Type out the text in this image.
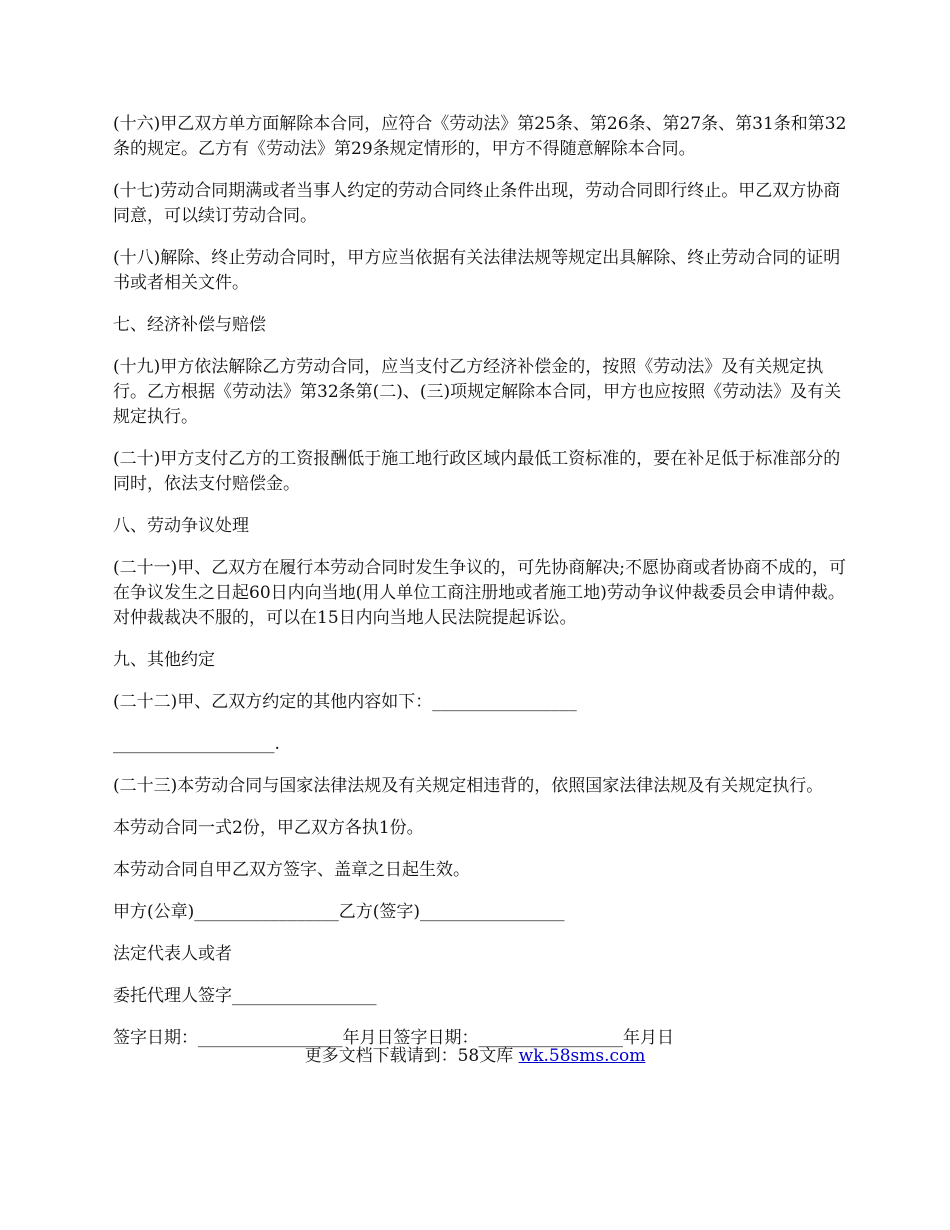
(十六)甲乙双方单方面解除本合同，应符合《劳动法》第25条、第26条、第27条、第31条和第32条的规定。乙方有《劳动法》第29条规定情形的，甲方不得随意解除本合同。

(十七)劳动合同期满或者当事人约定的劳动合同终止条件出现，劳动合同即行终止。甲乙双方协商同意，可以续订劳动合同。

(十八)解除、终止劳动合同时，甲方应当依据有关法律法规等规定出具解除、终止劳动合同的证明书或者相关文件。

七、经济补偿与赔偿

(十九)甲方依法解除乙方劳动合同，应当支付乙方经济补偿金的，按照《劳动法》及有关规定执行。乙方根据《劳动法》第32条第(二)、(三)项规定解除本合同，甲方也应按照《劳动法》及有关规定执行。

(二十)甲方支付乙方的工资报酬低于施工地行政区域内最低工资标准的，要在补足低于标准部分的同时，依法支付赔偿金。

八、劳动争议处理

(二十一)甲、乙双方在履行本劳动合同时发生争议的，可先协商解决;不愿协商或者协商不成的，可在争议发生之日起60日内向当地(用人单位工商注册地或者施工地)劳动争议仲裁委员会申请仲裁。对仲裁裁决不服的，可以在15日内向当地人民法院提起诉讼。

九、其他约定

(二十二)甲、乙双方约定的其他内容如下：_________________

___________________.

(二十三)本劳动合同与国家法律法规及有关规定相违背的，依照国家法律法规及有关规定执行。

本劳动合同一式2份，甲乙双方各执1份。

本劳动合同自甲乙双方签字、盖章之日起生效。

甲方(公章)_________________乙方(签字)_________________

法定代表人或者

委托代理人签字_________________

签字日期：_________________年月日签字日期：_________________年月日

更多文档下载请到：58文库 wk.58sms.com
